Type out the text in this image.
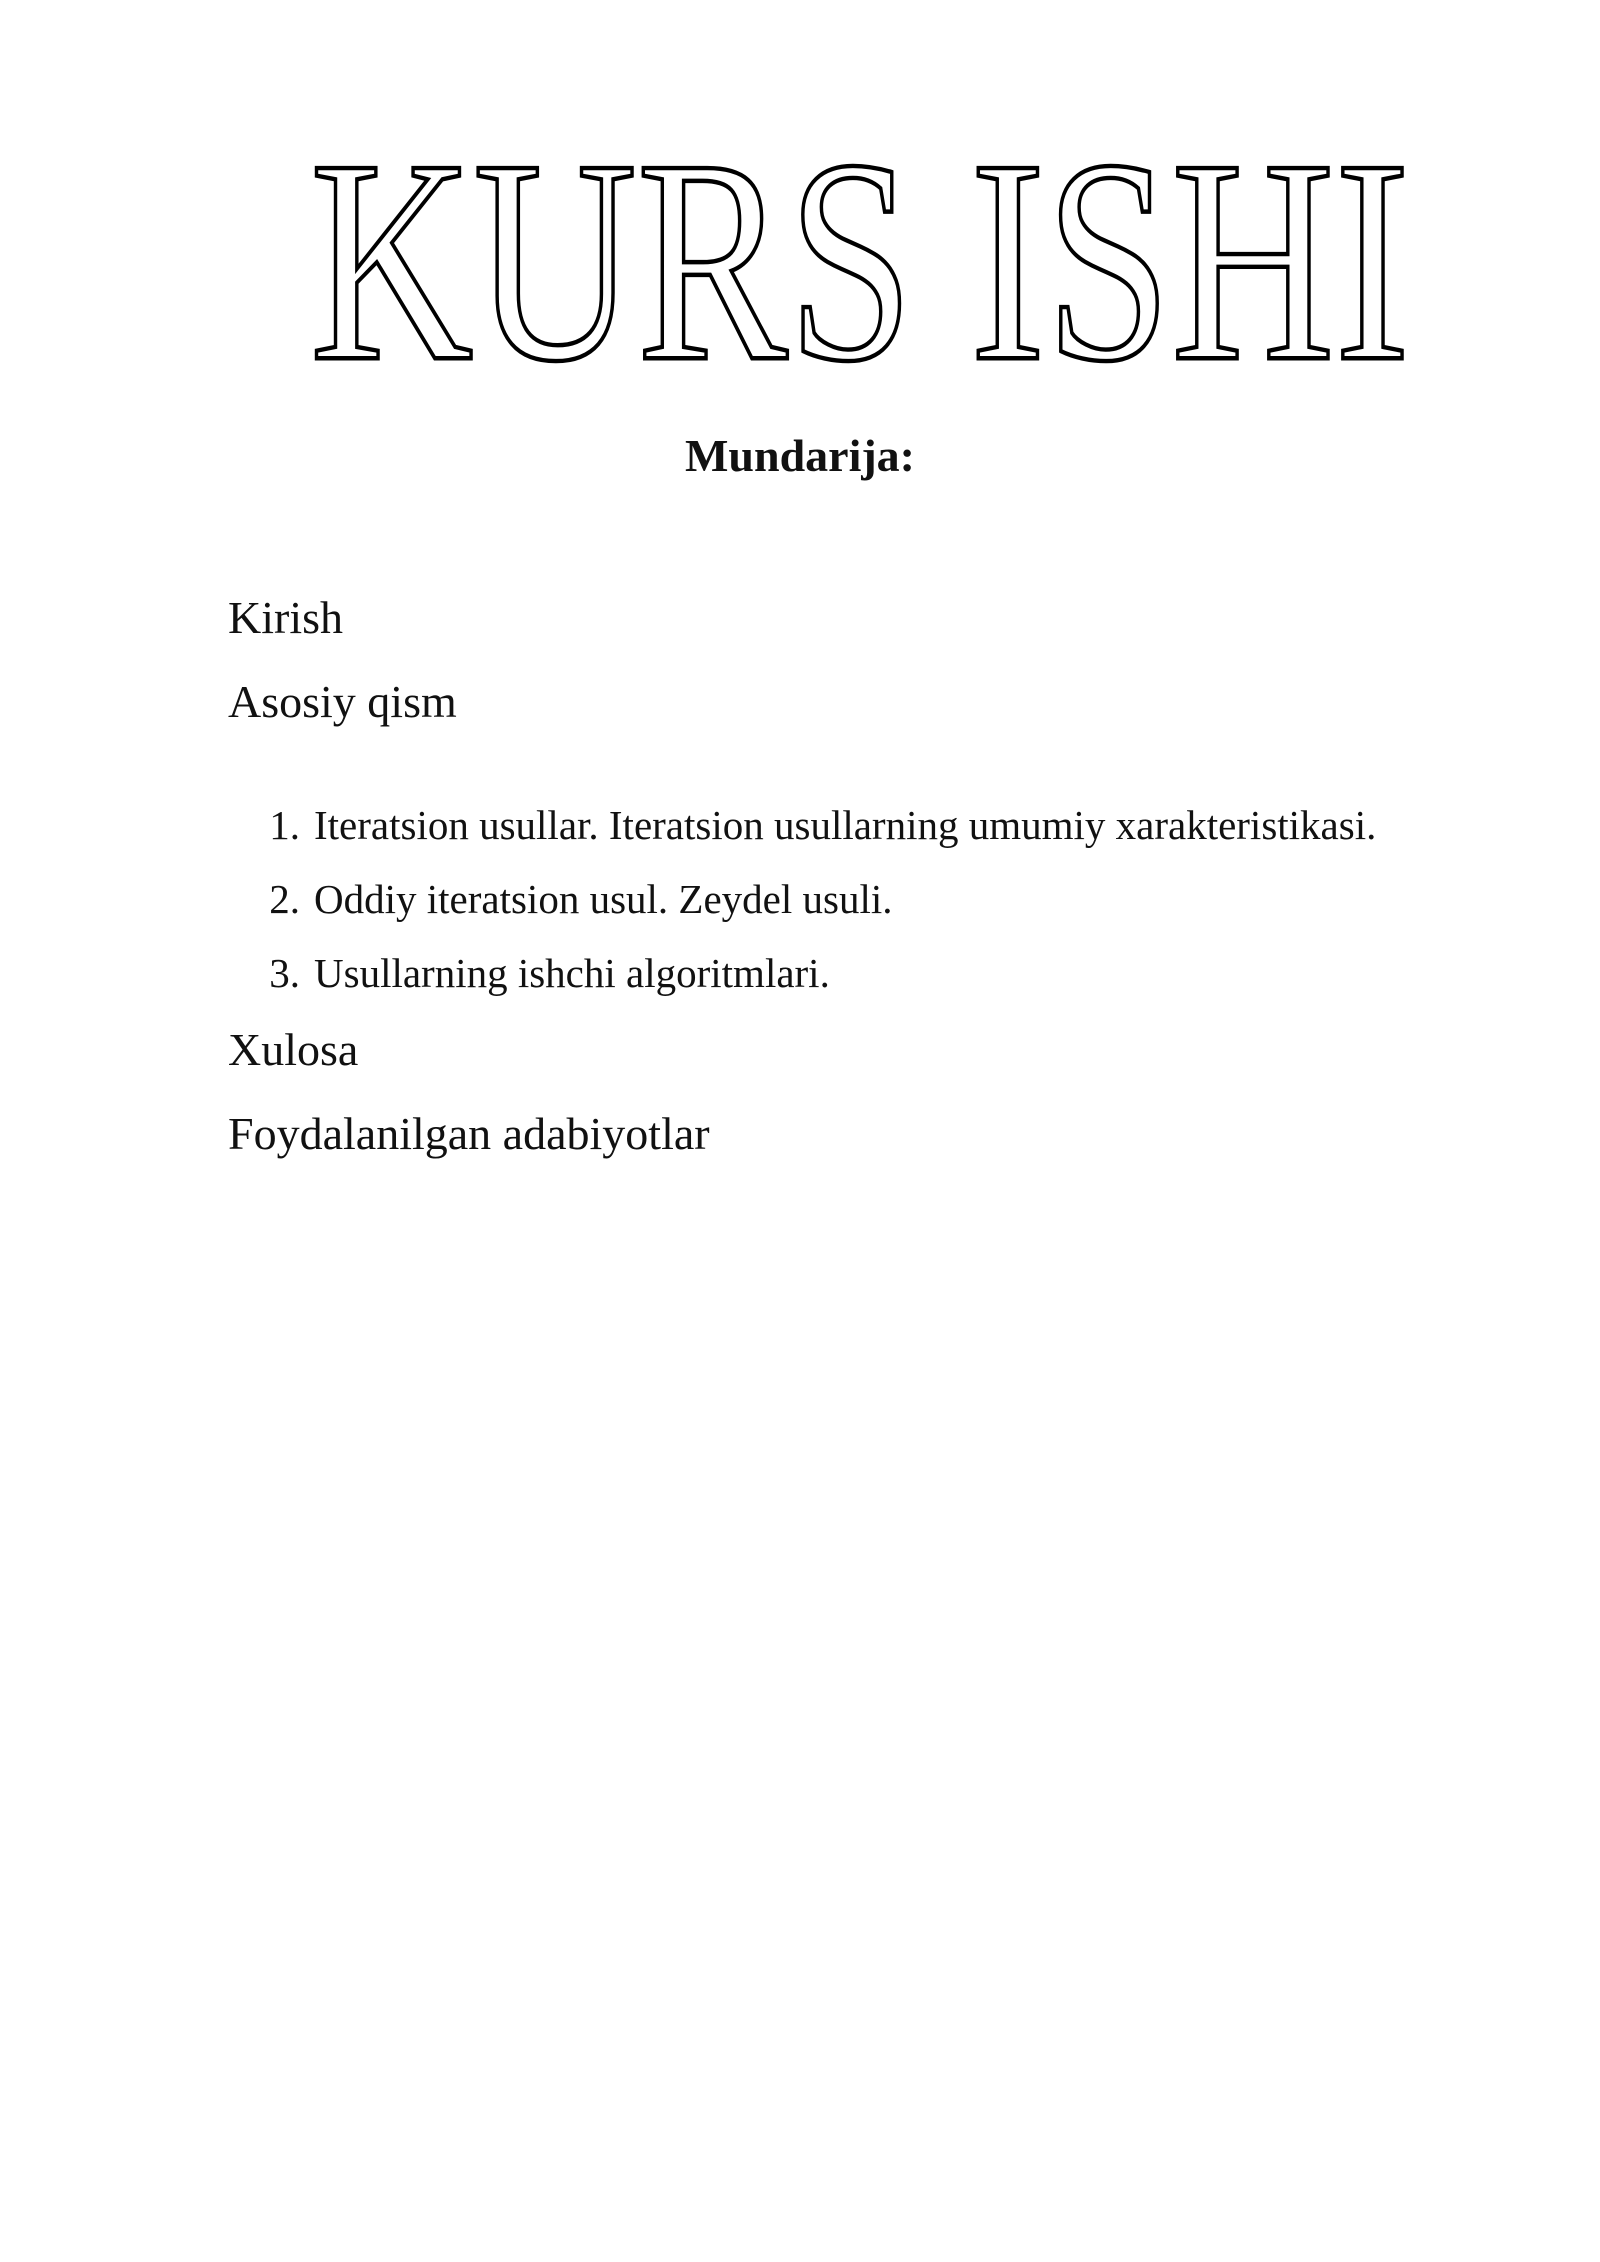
KURS ISHI
Mundarija:
Kirish
Asosiy qism
1. Iteratsion usullar. Iteratsion usullarning umumiy xarakteristikasi.
2. Oddiy iteratsion usul. Zeydel usuli.
3. Usullarning ishchi algoritmlari.
Xulosa
Foydalanilgan adabiyotlar
